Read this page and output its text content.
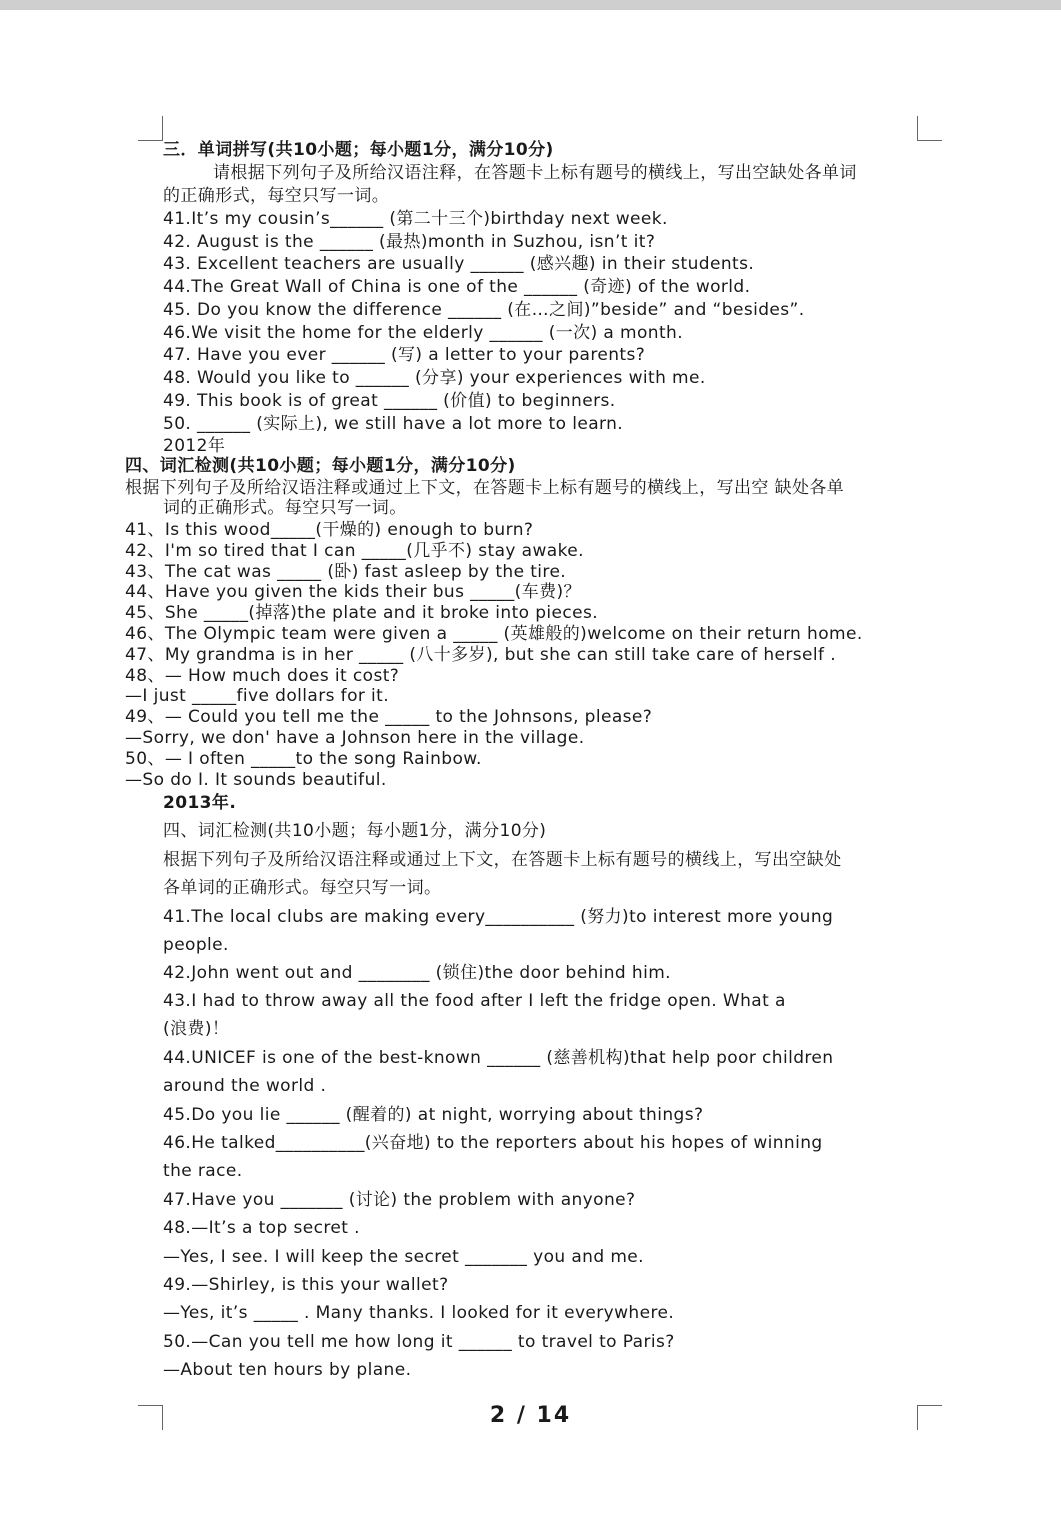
三．单词拼写(共10小题；每小题1分，满分10分)
请根据下列句子及所给汉语注释，在答题卡上标有题号的横线上，写出空缺处各单词
的正确形式，每空只写一词。
41.It’s my cousin’s______ (第二十三个)birthday next week.
42. August is the ______ (最热)month in Suzhou, isn’t it?
43. Excellent teachers are usually ______ (感兴趣) in their students.
44.The Great Wall of China is one of the ______ (奇迹) of the world.
45. Do you know the difference ______ (在…之间)”beside” and “besides”.
46.We visit the home for the elderly ______ (一次) a month.
47. Have you ever ______ (写) a letter to your parents?
48. Would you like to ______ (分享) your experiences with me.
49. This book is of great ______ (价值) to beginners.
50. ______ (实际上), we still have a lot more to learn.
2012年
四、词汇检测(共10小题；每小题1分，满分10分)
根据下列句子及所给汉语注释或通过上下文，在答题卡上标有题号的横线上，写出空 缺处各单
词的正确形式。每空只写一词。
41、Is this wood_____(干燥的) enough to burn?
42、I'm so tired that I can _____(几乎不) stay awake.
43、The cat was _____ (卧) fast asleep by the tire.
44、Have you given the kids their bus _____(车费)？
45、She _____(掉落)the plate and it broke into pieces.
46、The Olympic team were given a _____ (英雄般的)welcome on their return home.
47、My grandma is in her _____ (八十多岁), but she can still take care of herself .
48、— How much does it cost?
—I just _____five dollars for it.
49、— Could you tell me the _____ to the Johnsons, please?
—Sorry, we don' have a Johnson here in the village.
50、— I often _____to the song Rainbow.
—So do I. It sounds beautiful.
2013年.
四、词汇检测(共10小题；每小题1分，满分10分)
根据下列句子及所给汉语注释或通过上下文，在答题卡上标有题号的横线上，写出空缺处
各单词的正确形式。每空只写一词。
41.The local clubs are making every__________ (努力)to interest more young
people.
42.John went out and ________ (锁住)the door behind him.
43.I had to throw away all the food after I left the fridge open. What a
(浪费)！
44.UNICEF is one of the best-known ______ (慈善机构)that help poor children
around the world .
45.Do you lie ______ (醒着的) at night, worrying about things?
46.He talked__________(兴奋地) to the reporters about his hopes of winning
the race.
47.Have you _______ (讨论) the problem with anyone?
48.—It’s a top secret .
—Yes, I see. I will keep the secret _______ you and me.
49.—Shirley, is this your wallet?
—Yes, it’s _____ . Many thanks. I looked for it everywhere.
50.—Can you tell me how long it ______ to travel to Paris?
—About ten hours by plane.
2 / 14
